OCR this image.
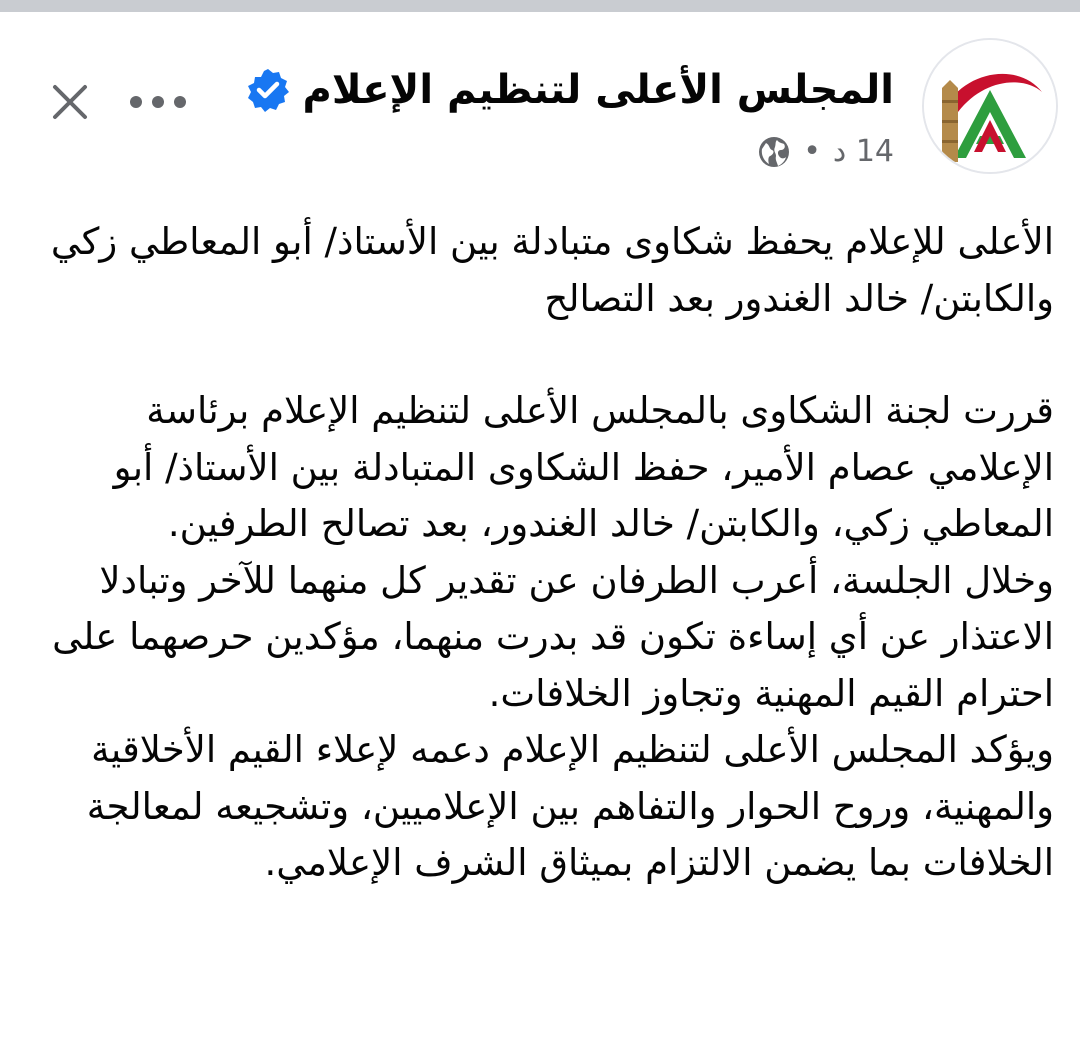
المجلس الأعلى لتنظيم الإعلام
14 د
•

الأعلى للإعلام يحفظ شكاوى متبادلة بين الأستاذ/ أبو المعاطي زكي والكابتن/ خالد الغندور بعد التصالح

قررت لجنة الشكاوى بالمجلس الأعلى لتنظيم الإعلام برئاسة الإعلامي عصام الأمير، حفظ الشكاوى المتبادلة بين الأستاذ/ أبو المعاطي زكي، والكابتن/ خالد الغندور، بعد تصالح الطرفين.

وخلال الجلسة، أعرب الطرفان عن تقدير كل منهما للآخر وتبادلا الاعتذار عن أي إساءة تكون قد بدرت منهما، مؤكدين حرصهما على احترام القيم المهنية وتجاوز الخلافات.

ويؤكد المجلس الأعلى لتنظيم الإعلام دعمه لإعلاء القيم الأخلاقية والمهنية، وروح الحوار والتفاهم بين الإعلاميين، وتشجيعه لمعالجة الخلافات بما يضمن الالتزام بميثاق الشرف الإعلامي.
